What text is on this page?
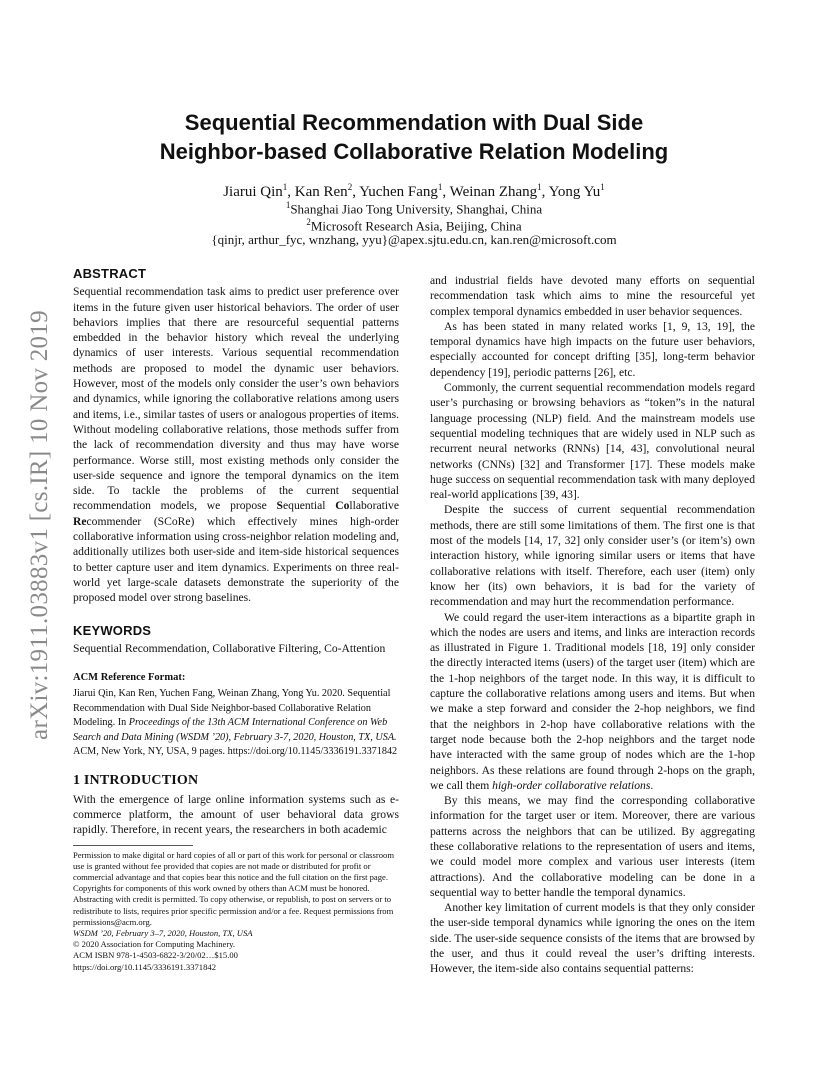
arXiv:1911.03883v1 [cs.IR] 10 Nov 2019
Sequential Recommendation with Dual Side
Neighbor-based Collaborative Relation Modeling
Jiarui Qin$^1$, Kan Ren$^2$, Yuchen Fang$^1$, Weinan Zhang$^1$, Yong Yu$^1$
$^1$Shanghai Jiao Tong University, Shanghai, China
$^2$Microsoft Research Asia, Beijing, China
{qinjr, arthur_fyc, wnzhang, yyu}@apex.sjtu.edu.cn, kan.ren@microsoft.com
ABSTRACT

Sequential recommendation task aims to predict user preference over items in the future given user historical behaviors. The order of user behaviors implies that there are resourceful sequential patterns embedded in the behavior history which reveal the underlying dynamics of user interests. Various sequential recommendation methods are proposed to model the dynamic user behaviors. However, most of the models only consider the user’s own behaviors and dynamics, while ignoring the collaborative relations among users and items, i.e., similar tastes of users or analogous properties of items. Without modeling collaborative relations, those methods suffer from the lack of recommendation diversity and thus may have worse performance. Worse still, most existing methods only consider the user-side sequence and ignore the temporal dynamics on the item side. To tackle the problems of the current sequential recommendation models, we propose Sequential Collaborative Recommender (SCoRe) which effectively mines high-order collaborative information using cross-neighbor relation modeling and, additionally utilizes both user-side and item-side historical sequences to better capture user and item dynamics. Experiments on three real-world yet large-scale datasets demonstrate the superiority of the proposed model over strong baselines.

KEYWORDS

Sequential Recommendation, Collaborative Filtering, Co-Attention

ACM Reference Format:

Jiarui Qin, Kan Ren, Yuchen Fang, Weinan Zhang, Yong Yu. 2020. Sequential Recommendation with Dual Side Neighbor-based Collaborative Relation Modeling. In Proceedings of the 13th ACM International Conference on Web Search and Data Mining (WSDM ’20), February 3-7, 2020, Houston, TX, USA. ACM, New York, NY, USA, 9 pages. https://doi.org/10.1145/3336191.3371842

1 INTRODUCTION

With the emergence of large online information systems such as e-commerce platform, the amount of user behavioral data grows rapidly. Therefore, in recent years, the researchers in both academic

Permission to make digital or hard copies of all or part of this work for personal or classroom use is granted without fee provided that copies are not made or distributed for profit or commercial advantage and that copies bear this notice and the full citation on the first page. Copyrights for components of this work owned by others than ACM must be honored. Abstracting with credit is permitted. To copy otherwise, or republish, to post on servers or to redistribute to lists, requires prior specific permission and/or a fee. Request permissions from permissions@acm.org.

WSDM ’20, February 3–7, 2020, Houston, TX, USA

© 2020 Association for Computing Machinery.

ACM ISBN 978-1-4503-6822-3/20/02…$15.00

https://doi.org/10.1145/3336191.3371842

and industrial fields have devoted many efforts on sequential recommendation task which aims to mine the resourceful yet complex temporal dynamics embedded in user behavior sequences.

As has been stated in many related works [1, 9, 13, 19], the temporal dynamics have high impacts on the future user behaviors, especially accounted for concept drifting [35], long-term behavior dependency [19], periodic patterns [26], etc.

Commonly, the current sequential recommendation models regard user’s purchasing or browsing behaviors as “token”s in the natural language processing (NLP) field. And the mainstream models use sequential modeling techniques that are widely used in NLP such as recurrent neural networks (RNNs) [14, 43], convolutional neural networks (CNNs) [32] and Transformer [17]. These models make huge success on sequential recommendation task with many deployed real-world applications [39, 43].

Despite the success of current sequential recommendation methods, there are still some limitations of them. The first one is that most of the models [14, 17, 32] only consider user’s (or item’s) own interaction history, while ignoring similar users or items that have collaborative relations with itself. Therefore, each user (item) only know her (its) own behaviors, it is bad for the variety of recommendation and may hurt the recommendation performance.

We could regard the user-item interactions as a bipartite graph in which the nodes are users and items, and links are interaction records as illustrated in Figure 1. Traditional models [18, 19] only consider the directly interacted items (users) of the target user (item) which are the 1-hop neighbors of the target node. In this way, it is difficult to capture the collaborative relations among users and items. But when we make a step forward and consider the 2-hop neighbors, we find that the neighbors in 2-hop have collaborative relations with the target node because both the 2-hop neighbors and the target node have interacted with the same group of nodes which are the 1-hop neighbors. As these relations are found through 2-hops on the graph, we call them high-order collaborative relations.

By this means, we may find the corresponding collaborative information for the target user or item. Moreover, there are various patterns across the neighbors that can be utilized. By aggregating these collaborative relations to the representation of users and items, we could model more complex and various user interests (item attractions). And the collaborative modeling can be done in a sequential way to better handle the temporal dynamics.

Another key limitation of current models is that they only consider the user-side temporal dynamics while ignoring the ones on the item side. The user-side sequence consists of the items that are browsed by the user, and thus it could reveal the user’s drifting interests. However, the item-side also contains sequential patterns:
